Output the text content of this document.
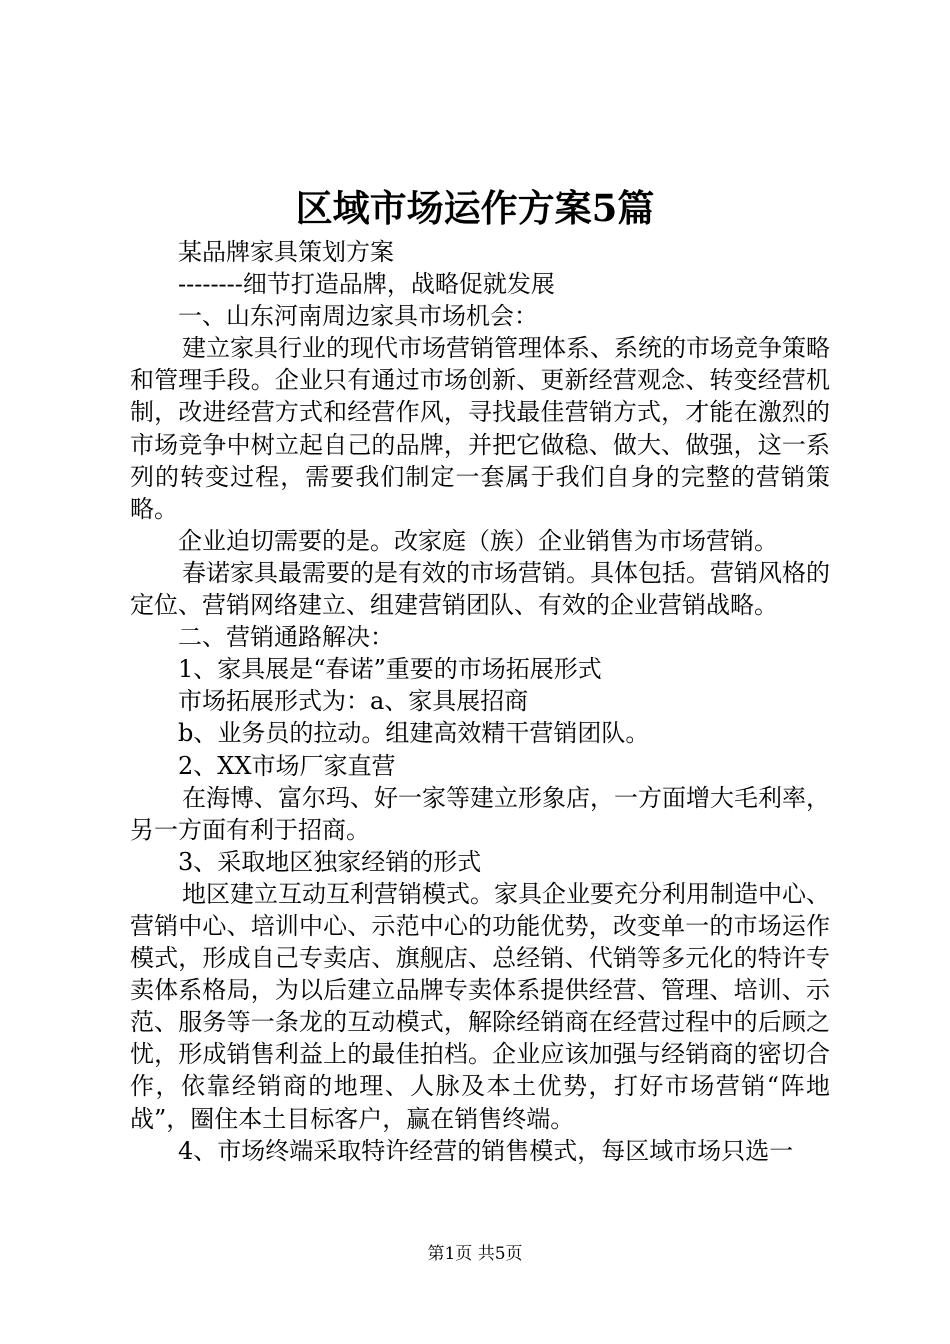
区域市场运作方案5篇

某品牌家具策划方案

--------细节打造品牌，战略促就发展

一、山东河南周边家具市场机会：

建立家具行业的现代市场营销管理体系、系统的市场竞争策略和管理手段。企业只有通过市场创新、更新经营观念、转变经营机制，改进经营方式和经营作风，寻找最佳营销方式，才能在激烈的市场竞争中树立起自己的品牌，并把它做稳、做大、做强，这一系列的转变过程，需要我们制定一套属于我们自身的完整的营销策略。

企业迫切需要的是。改家庭（族）企业销售为市场营销。

春诺家具最需要的是有效的市场营销。具体包括。营销风格的定位、营销网络建立、组建营销团队、有效的企业营销战略。

二、营销通路解决：

1、家具展是“春诺”重要的市场拓展形式

市场拓展形式为：a、家具展招商

b、业务员的拉动。组建高效精干营销团队。

2、XX市场厂家直营

在海博、富尔玛、好一家等建立形象店，一方面增大毛利率，另一方面有利于招商。

3、采取地区独家经销的形式

地区建立互动互利营销模式。家具企业要充分利用制造中心、营销中心、培训中心、示范中心的功能优势，改变单一的市场运作模式，形成自己专卖店、旗舰店、总经销、代销等多元化的特许专卖体系格局，为以后建立品牌专卖体系提供经营、管理、培训、示范、服务等一条龙的互动模式，解除经销商在经营过程中的后顾之忧，形成销售利益上的最佳拍档。企业应该加强与经销商的密切合作，依靠经销商的地理、人脉及本土优势，打好市场营销“阵地战”，圈住本土目标客户，赢在销售终端。

4、市场终端采取特许经营的销售模式，每区域市场只选一

第1页 共5页
